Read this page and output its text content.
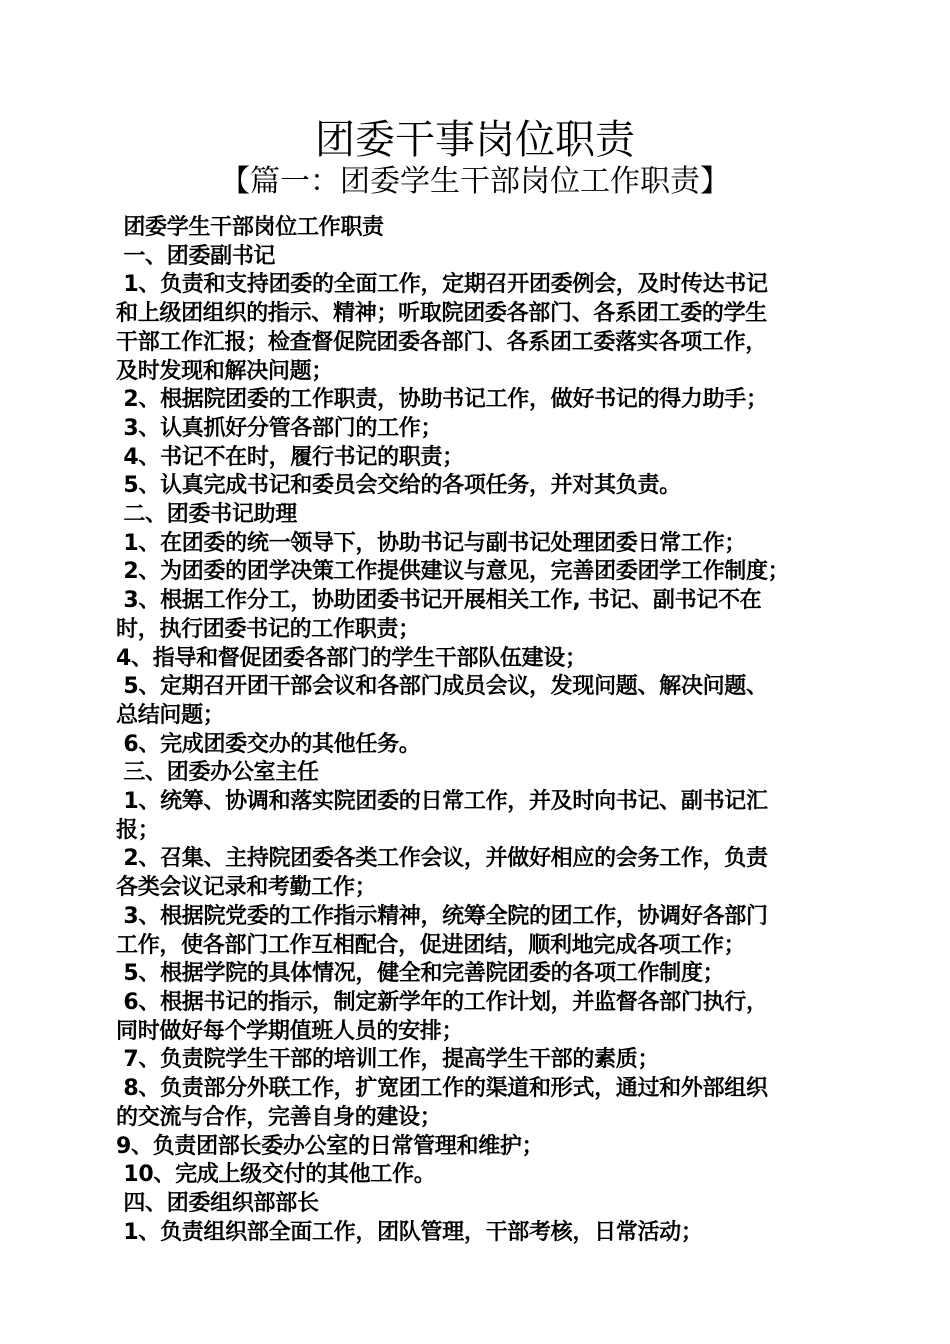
团委干事岗位职责
【篇一：团委学生干部岗位工作职责】
团委学生干部岗位工作职责
一、团委副书记
1、负责和支持团委的全面工作，定期召开团委例会，及时传达书记
和上级团组织的指示、精神；听取院团委各部门、各系团工委的学生
干部工作汇报；检查督促院团委各部门、各系团工委落实各项工作，
及时发现和解决问题；
2、根据院团委的工作职责，协助书记工作，做好书记的得力助手；
3、认真抓好分管各部门的工作；
4、书记不在时，履行书记的职责；
5、认真完成书记和委员会交给的各项任务，并对其负责。
二、团委书记助理
1、在团委的统一领导下，协助书记与副书记处理团委日常工作；
2、为团委的团学决策工作提供建议与意见，完善团委团学工作制度；
3、根据工作分工，协助团委书记开展相关工作, 书记、副书记不在
时，执行团委书记的工作职责；
4、指导和督促团委各部门的学生干部队伍建设；
5、定期召开团干部会议和各部门成员会议，发现问题、解决问题、
总结问题；
6、完成团委交办的其他任务。
三、团委办公室主任
1、统筹、协调和落实院团委的日常工作，并及时向书记、副书记汇
报；
2、召集、主持院团委各类工作会议，并做好相应的会务工作，负责
各类会议记录和考勤工作；
3、根据院党委的工作指示精神，统筹全院的团工作，协调好各部门
工作，使各部门工作互相配合，促进团结，顺利地完成各项工作；
5、根据学院的具体情况，健全和完善院团委的各项工作制度；
6、根据书记的指示，制定新学年的工作计划，并监督各部门执行，
同时做好每个学期值班人员的安排；
7、负责院学生干部的培训工作，提高学生干部的素质；
8、负责部分外联工作，扩宽团工作的渠道和形式，通过和外部组织
的交流与合作，完善自身的建设；
9、负责团部长委办公室的日常管理和维护；
10、完成上级交付的其他工作。
四、团委组织部部长
1、负责组织部全面工作，团队管理，干部考核，日常活动；
